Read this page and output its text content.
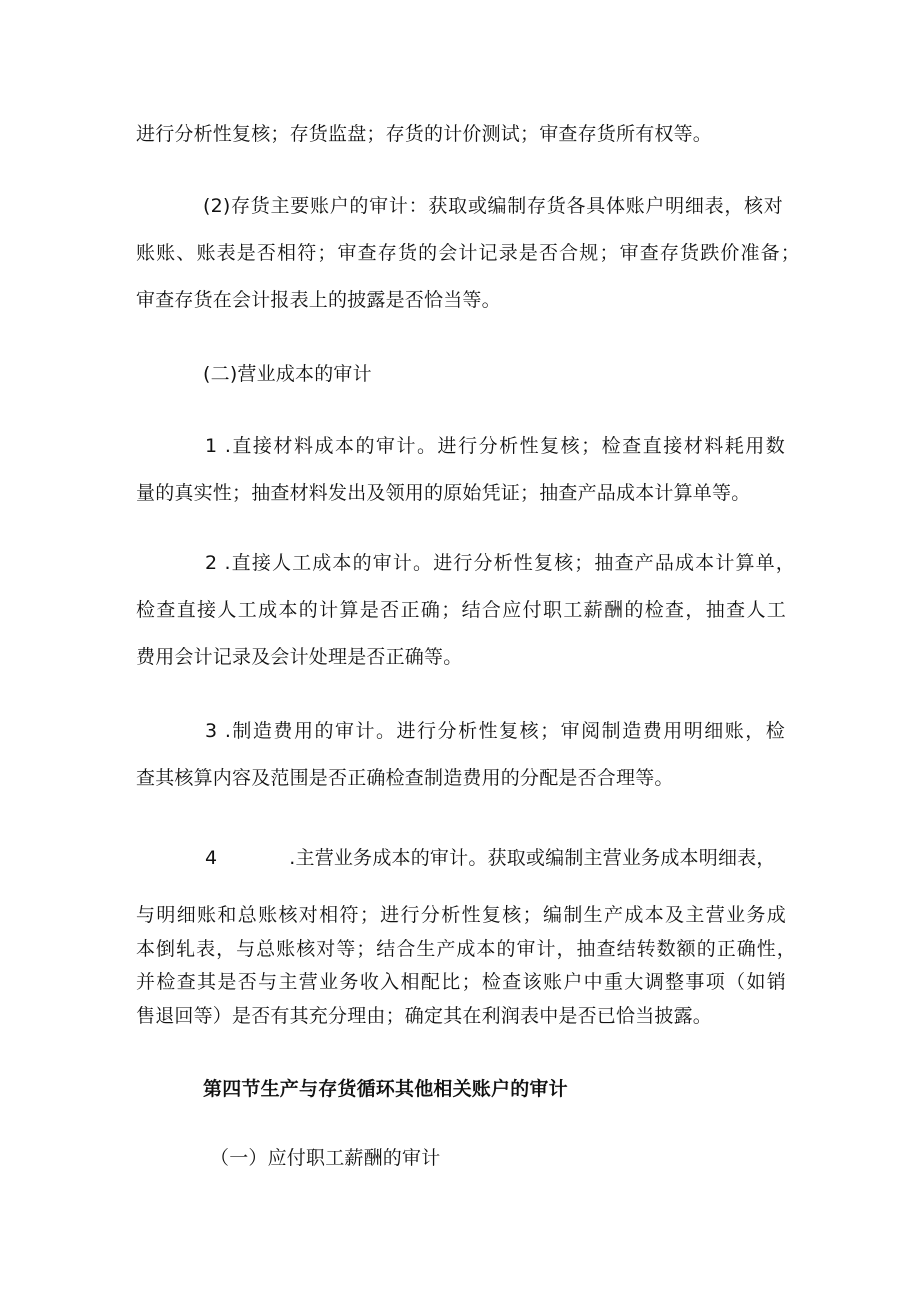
进行分析性复核；存货监盘；存货的计价测试；审查存货所有权等。
(2)存货主要账户的审计：获取或编制存货各具体账户明细表，核对
账账、账表是否相符；审查存货的会计记录是否合规；审查存货跌价准备；
审查存货在会计报表上的披露是否恰当等。
(二)营业成本的审计
1 .直接材料成本的审计。进行分析性复核；检查直接材料耗用数
量的真实性；抽查材料发出及领用的原始凭证；抽查产品成本计算单等。
2 .直接人工成本的审计。进行分析性复核；抽查产品成本计算单，
检查直接人工成本的计算是否正确；结合应付职工薪酬的检查，抽查人工
费用会计记录及会计处理是否正确等。
3 .制造费用的审计。进行分析性复核；审阅制造费用明细账，检
查其核算内容及范围是否正确检查制造费用的分配是否合理等。
4	.主营业务成本的审计。获取或编制主营业务成本明细表，
与明细账和总账核对相符；进行分析性复核；编制生产成本及主营业务成
本倒轧表，与总账核对等；结合生产成本的审计，抽查结转数额的正确性，
并检查其是否与主营业务收入相配比；检查该账户中重大调整事项（如销
售退回等）是否有其充分理由；确定其在利润表中是否已恰当披露。
第四节生产与存货循环其他相关账户的审计
（一）应付职工薪酬的审计
